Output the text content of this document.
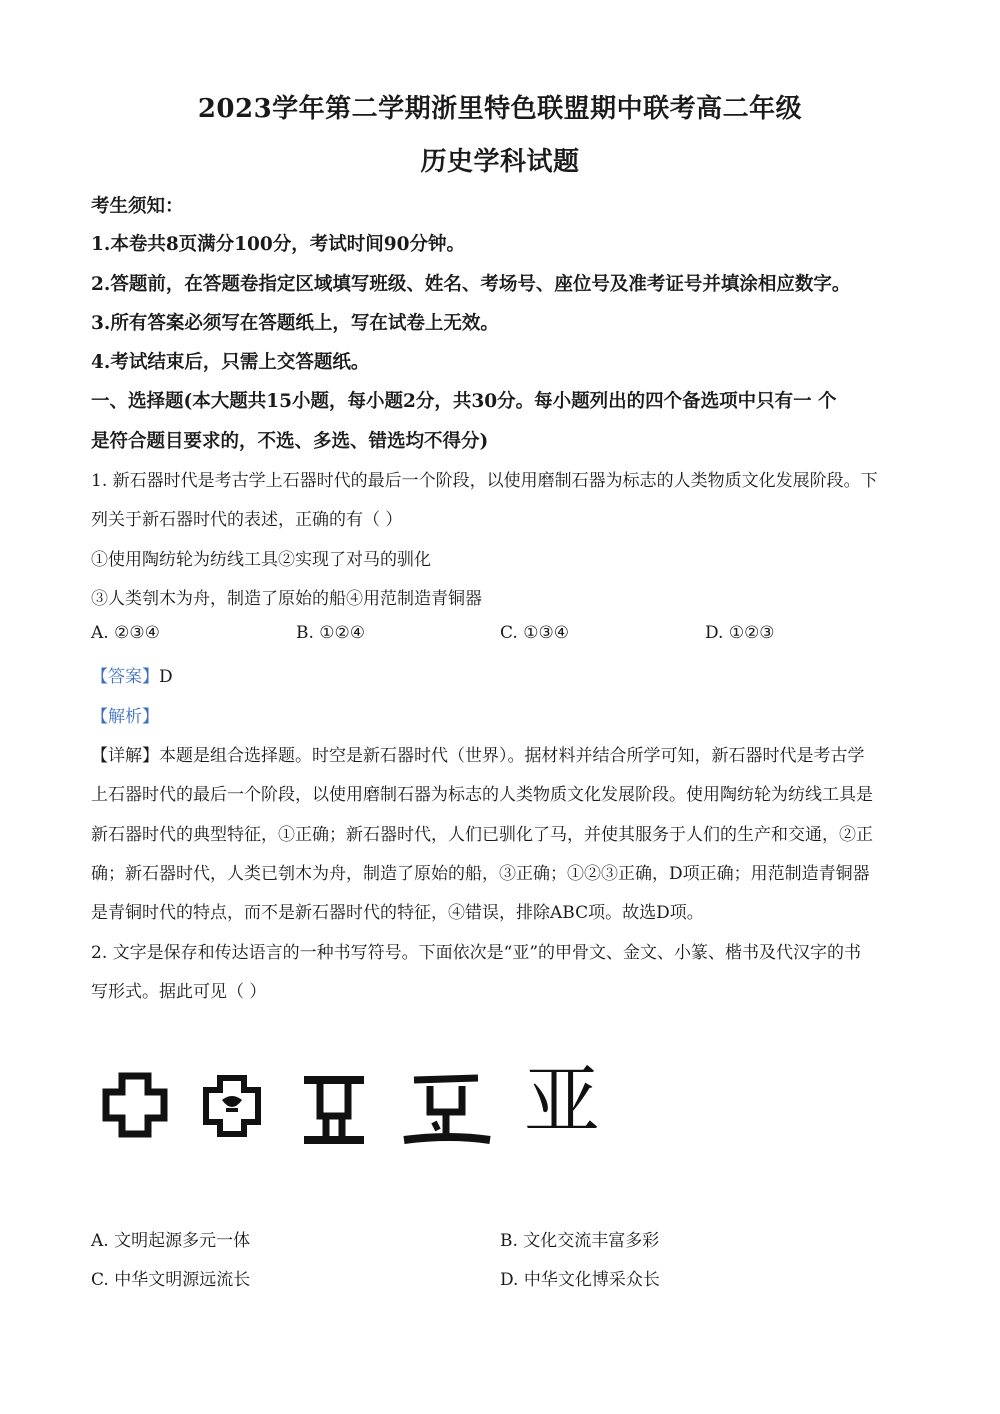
2023学年第二学期浙里特色联盟期中联考高二年级
历史学科试题
考生须知：
1.本卷共8页满分100分，考试时间90分钟。
2.答题前，在答题卷指定区域填写班级、姓名、考场号、座位号及准考证号并填涂相应数字。
3.所有答案必须写在答题纸上，写在试卷上无效。
4.考试结束后，只需上交答题纸。
一、选择题(本大题共15小题，每小题2分，共30分。每小题列出的四个备选项中只有一 个
是符合题目要求的，不选、多选、错选均不得分)
1. 新石器时代是考古学上石器时代的最后一个阶段，以使用磨制石器为标志的人类物质文化发展阶段。下
列关于新石器时代的表述，正确的有（ ）
①使用陶纺轮为纺线工具②实现了对马的驯化
③人类刳木为舟，制造了原始的船④用范制造青铜器
A. ②③④	B. ①②④	C. ①③④	D. ①②③
【答案】D
【解析】
【详解】本题是组合选择题。时空是新石器时代（世界）。据材料并结合所学可知，新石器时代是考古学
上石器时代的最后一个阶段，以使用磨制石器为标志的人类物质文化发展阶段。使用陶纺轮为纺线工具是
新石器时代的典型特征，①正确；新石器时代，人们已驯化了马，并使其服务于人们的生产和交通，②正
确；新石器时代，人类已刳木为舟，制造了原始的船，③正确；①②③正确，D项正确；用范制造青铜器
是青铜时代的特点，而不是新石器时代的特征，④错误，排除ABC项。故选D项。
2. 文字是保存和传达语言的一种书写符号。下面依次是“亚”的甲骨文、金文、小篆、楷书及代汉字的书
写形式。据此可见（ ）
亚
A. 文明起源多元一体	B. 文化交流丰富多彩
C. 中华文明源远流长	D. 中华文化博采众长
